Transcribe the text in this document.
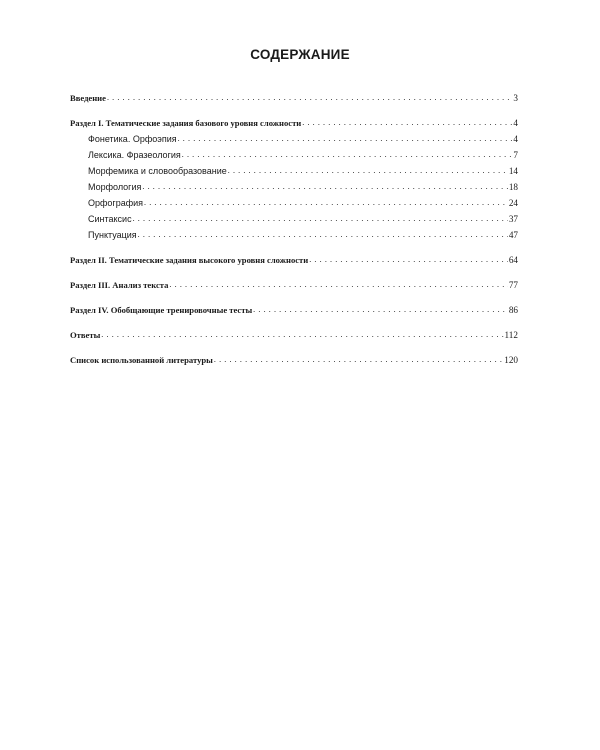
СОДЕРЖАНИЕ
Введение . . .	3
Раздел I. Тематические задания базового уровня сложности . . .	4
Фонетика. Орфоэпия . . .	4
Лексика. Фразеология . . .	7
Морфемика и словообразование . . .	14
Морфология . . .	18
Орфография . . .	24
Синтаксис . . .	37
Пунктуация . . .	47
Раздел II. Тематические задания высокого уровня сложности . . .	64
Раздел III. Анализ текста . . .	77
Раздел IV. Обобщающие тренировочные тесты . . .	86
Ответы . . .	112
Список использованной литературы . . .	120
